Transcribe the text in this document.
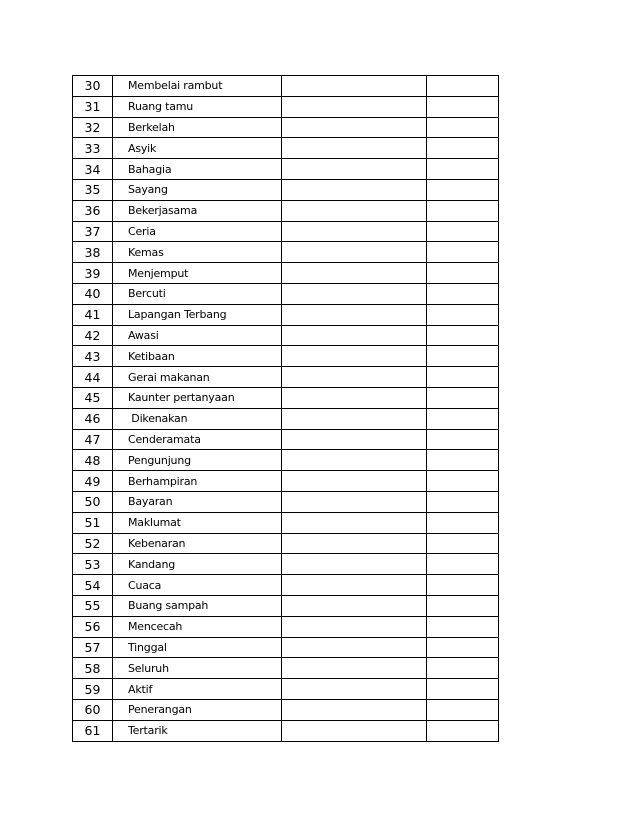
30	Membelai rambut		
31	Ruang tamu		
32	Berkelah		
33	Asyik		
34	Bahagia		
35	Sayang		
36	Bekerjasama		
37	Ceria		
38	Kemas		
39	Menjemput		
40	Bercuti		
41	Lapangan Terbang		
42	Awasi		
43	Ketibaan		
44	Gerai makanan		
45	Kaunter pertanyaan		
46	Dikenakan		
47	Cenderamata		
48	Pengunjung		
49	Berhampiran		
50	Bayaran		
51	Maklumat		
52	Kebenaran		
53	Kandang		
54	Cuaca		
55	Buang sampah		
56	Mencecah		
57	Tinggal		
58	Seluruh		
59	Aktif		
60	Penerangan		
61	Tertarik		
